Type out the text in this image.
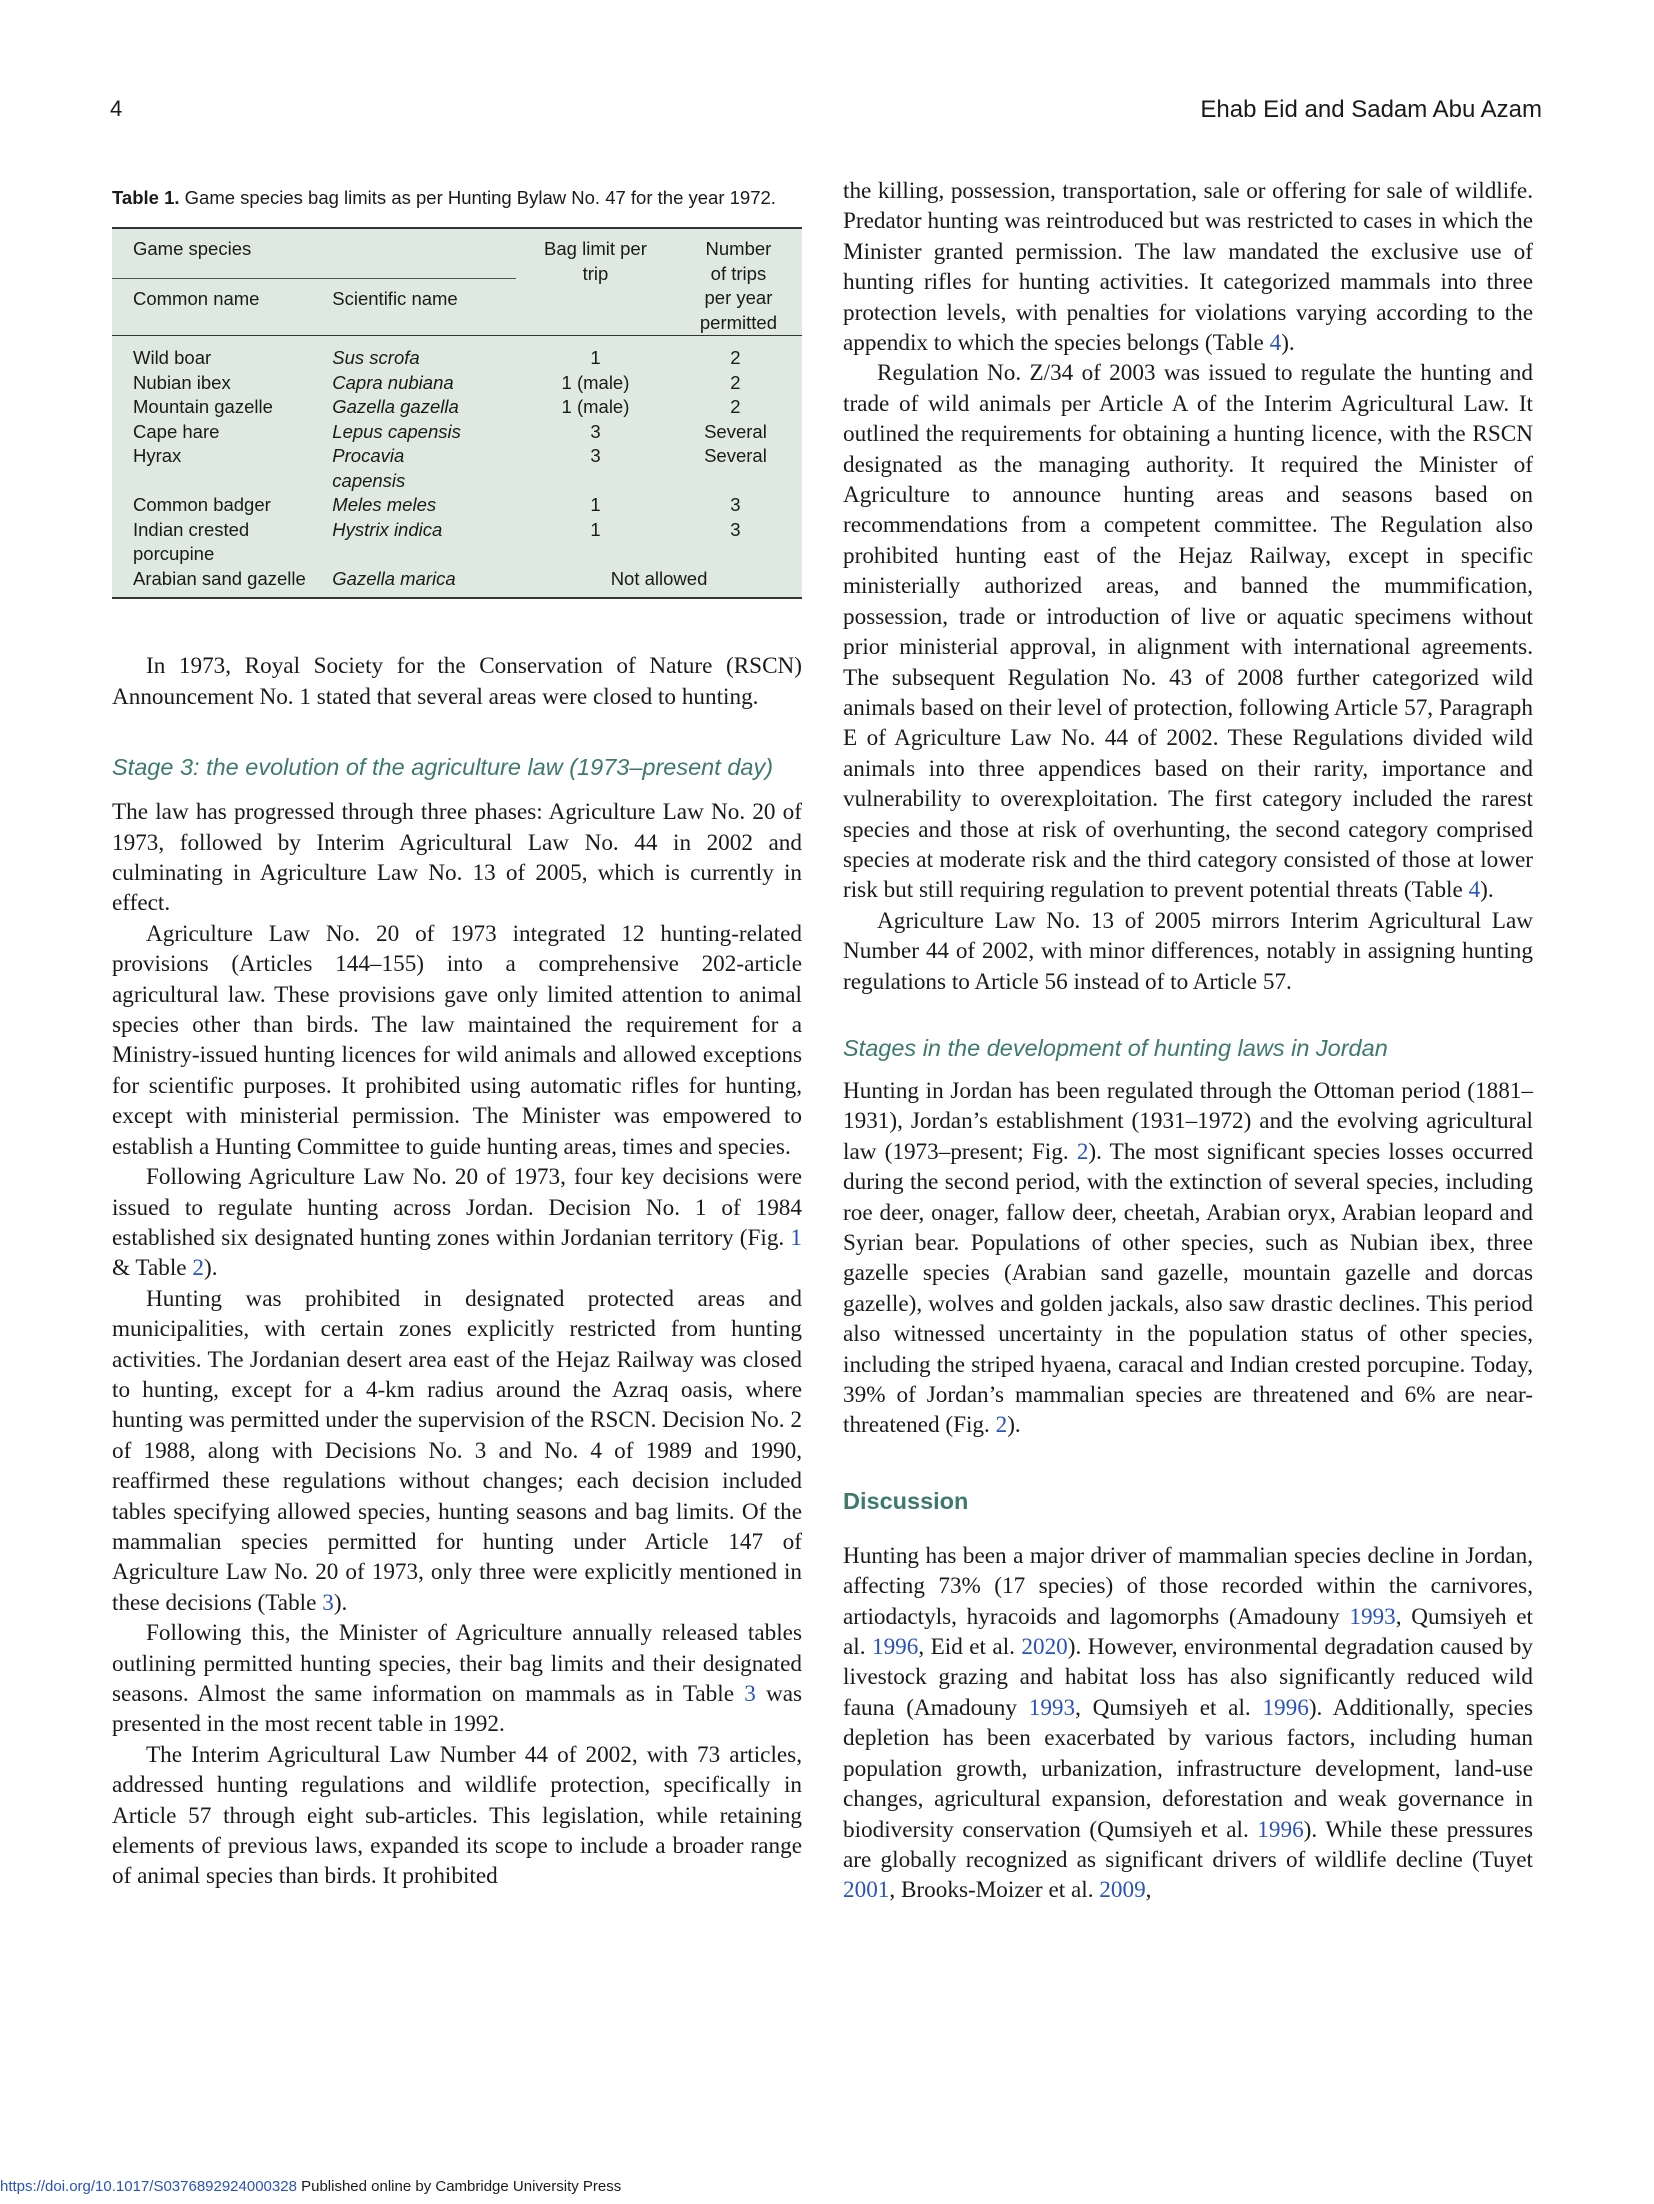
4	Ehab Eid and Sadam Abu Azam
Table 1. Game species bag limits as per Hunting Bylaw No. 47 for the year 1972.
Game species		Bag limit per trip	Number of trips per year permitted
Common name	Scientific name		
Wild boar	Sus scrofa	1	2
Nubian ibex	Capra nubiana	1 (male)	2
Mountain gazelle	Gazella gazella	1 (male)	2
Cape hare	Lepus capensis	3	Several
Hyrax	Procavia capensis	3	Several
Common badger	Meles meles	1	3
Indian crested porcupine	Hystrix indica	1	3
Arabian sand gazelle	Gazella marica	Not allowed	

In 1973, Royal Society for the Conservation of Nature (RSCN) Announcement No. 1 stated that several areas were closed to hunting.

Stage 3: the evolution of the agriculture law (1973–present day)

The law has progressed through three phases: Agriculture Law No. 20 of 1973, followed by Interim Agricultural Law No. 44 in 2002 and culminating in Agriculture Law No. 13 of 2005, which is currently in effect.

Agriculture Law No. 20 of 1973 integrated 12 hunting-related provisions (Articles 144–155) into a comprehensive 202-article agricultural law. These provisions gave only limited attention to animal species other than birds. The law maintained the requirement for a Ministry-issued hunting licences for wild animals and allowed exceptions for scientific purposes. It prohibited using automatic rifles for hunting, except with ministerial permission. The Minister was empowered to establish a Hunting Committee to guide hunting areas, times and species.

Following Agriculture Law No. 20 of 1973, four key decisions were issued to regulate hunting across Jordan. Decision No. 1 of 1984 established six designated hunting zones within Jordanian territory (Fig. 1 & Table 2).

Hunting was prohibited in designated protected areas and municipalities, with certain zones explicitly restricted from hunting activities. The Jordanian desert area east of the Hejaz Railway was closed to hunting, except for a 4-km radius around the Azraq oasis, where hunting was permitted under the supervision of the RSCN. Decision No. 2 of 1988, along with Decisions No. 3 and No. 4 of 1989 and 1990, reaffirmed these regulations without changes; each decision included tables specifying allowed species, hunting seasons and bag limits. Of the mammalian species permitted for hunting under Article 147 of Agriculture Law No. 20 of 1973, only three were explicitly mentioned in these decisions (Table 3).

Following this, the Minister of Agriculture annually released tables outlining permitted hunting species, their bag limits and their designated seasons. Almost the same information on mammals as in Table 3 was presented in the most recent table in 1992.

The Interim Agricultural Law Number 44 of 2002, with 73 articles, addressed hunting regulations and wildlife protection, specifically in Article 57 through eight sub-articles. This legislation, while retaining elements of previous laws, expanded its scope to include a broader range of animal species than birds. It prohibited

the killing, possession, transportation, sale or offering for sale of wildlife. Predator hunting was reintroduced but was restricted to cases in which the Minister granted permission. The law mandated the exclusive use of hunting rifles for hunting activities. It categorized mammals into three protection levels, with penalties for violations varying according to the appendix to which the species belongs (Table 4).

Regulation No. Z/34 of 2003 was issued to regulate the hunting and trade of wild animals per Article A of the Interim Agricultural Law. It outlined the requirements for obtaining a hunting licence, with the RSCN designated as the managing authority. It required the Minister of Agriculture to announce hunting areas and seasons based on recommendations from a competent committee. The Regulation also prohibited hunting east of the Hejaz Railway, except in specific ministerially authorized areas, and banned the mummification, possession, trade or introduction of live or aquatic specimens without prior ministerial approval, in alignment with international agreements. The subsequent Regulation No. 43 of 2008 further categorized wild animals based on their level of protection, following Article 57, Paragraph E of Agriculture Law No. 44 of 2002. These Regulations divided wild animals into three appendices based on their rarity, importance and vulnerability to overexploitation. The first category included the rarest species and those at risk of overhunting, the second category comprised species at moderate risk and the third category consisted of those at lower risk but still requiring regulation to prevent potential threats (Table 4).

Agriculture Law No. 13 of 2005 mirrors Interim Agricultural Law Number 44 of 2002, with minor differences, notably in assigning hunting regulations to Article 56 instead of to Article 57.

Stages in the development of hunting laws in Jordan

Hunting in Jordan has been regulated through the Ottoman period (1881–1931), Jordan’s establishment (1931–1972) and the evolving agricultural law (1973–present; Fig. 2). The most significant species losses occurred during the second period, with the extinction of several species, including roe deer, onager, fallow deer, cheetah, Arabian oryx, Arabian leopard and Syrian bear. Populations of other species, such as Nubian ibex, three gazelle species (Arabian sand gazelle, mountain gazelle and dorcas gazelle), wolves and golden jackals, also saw drastic declines. This period also witnessed uncertainty in the population status of other species, including the striped hyaena, caracal and Indian crested porcupine. Today, 39% of Jordan’s mammalian species are threatened and 6% are near-threatened (Fig. 2).

Discussion

Hunting has been a major driver of mammalian species decline in Jordan, affecting 73% (17 species) of those recorded within the carnivores, artiodactyls, hyracoids and lagomorphs (Amadouny 1993, Qumsiyeh et al. 1996, Eid et al. 2020). However, environmental degradation caused by livestock grazing and habitat loss has also significantly reduced wild fauna (Amadouny 1993, Qumsiyeh et al. 1996). Additionally, species depletion has been exacerbated by various factors, including human population growth, urbanization, infrastructure development, land-use changes, agricultural expansion, deforestation and weak governance in biodiversity conservation (Qumsiyeh et al. 1996). While these pressures are globally recognized as significant drivers of wildlife decline (Tuyet 2001, Brooks-Moizer et al. 2009,

https://doi.org/10.1017/S0376892924000328 Published online by Cambridge University Press
